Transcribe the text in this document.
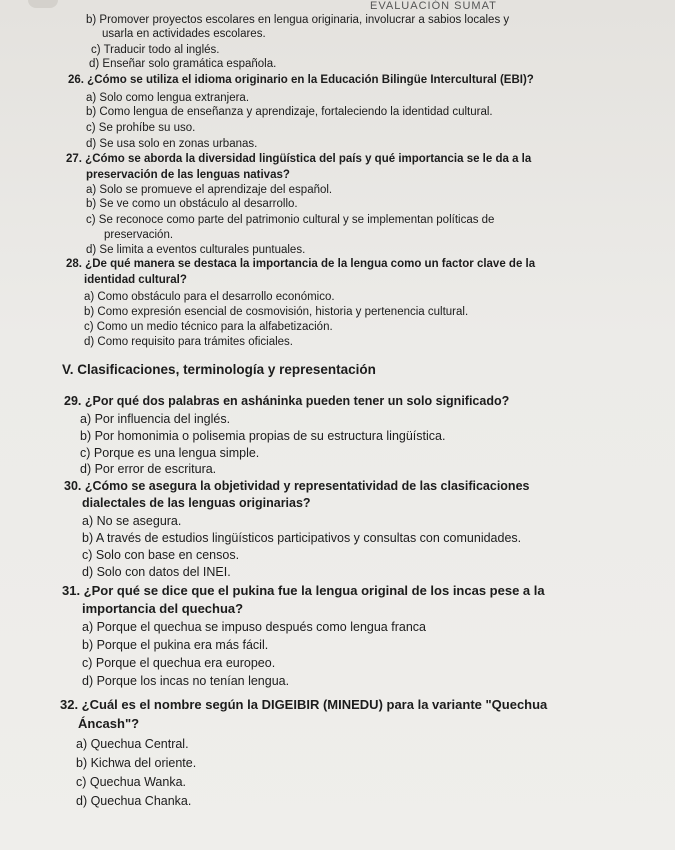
EVALUACIÓN SUMAT
b) Promover proyectos escolares en lengua originaria, involucrar a sabios locales y
usarla en actividades escolares.
c) Traducir todo al inglés.
d) Enseñar solo gramática española.
26. ¿Cómo se utiliza el idioma originario en la Educación Bilingüe Intercultural (EBI)?
a) Solo como lengua extranjera.
b) Como lengua de enseñanza y aprendizaje, fortaleciendo la identidad cultural.
c) Se prohíbe su uso.
d) Se usa solo en zonas urbanas.
27. ¿Cómo se aborda la diversidad lingüística del país y qué importancia se le da a la
preservación de las lenguas nativas?
a) Solo se promueve el aprendizaje del español.
b) Se ve como un obstáculo al desarrollo.
c) Se reconoce como parte del patrimonio cultural y se implementan políticas de
preservación.
d) Se limita a eventos culturales puntuales.
28. ¿De qué manera se destaca la importancia de la lengua como un factor clave de la
identidad cultural?
a) Como obstáculo para el desarrollo económico.
b) Como expresión esencial de cosmovisión, historia y pertenencia cultural.
c) Como un medio técnico para la alfabetización.
d) Como requisito para trámites oficiales.
V. Clasificaciones, terminología y representación
29. ¿Por qué dos palabras en asháninka pueden tener un solo significado?
a) Por influencia del inglés.
b) Por homonimia o polisemia propias de su estructura lingüística.
c) Porque es una lengua simple.
d) Por error de escritura.
30. ¿Cómo se asegura la objetividad y representatividad de las clasificaciones
dialectales de las lenguas originarias?
a) No se asegura.
b) A través de estudios lingüísticos participativos y consultas con comunidades.
c) Solo con base en censos.
d) Solo con datos del INEI.
31. ¿Por qué se dice que el pukina fue la lengua original de los incas pese a la
importancia del quechua?
a) Porque el quechua se impuso después como lengua franca
b) Porque el pukina era más fácil.
c) Porque el quechua era europeo.
d) Porque los incas no tenían lengua.
32. ¿Cuál es el nombre según la DIGEIBIR (MINEDU) para la variante "Quechua
Áncash"?
a) Quechua Central.
b) Kichwa del oriente.
c) Quechua Wanka.
d) Quechua Chanka.
